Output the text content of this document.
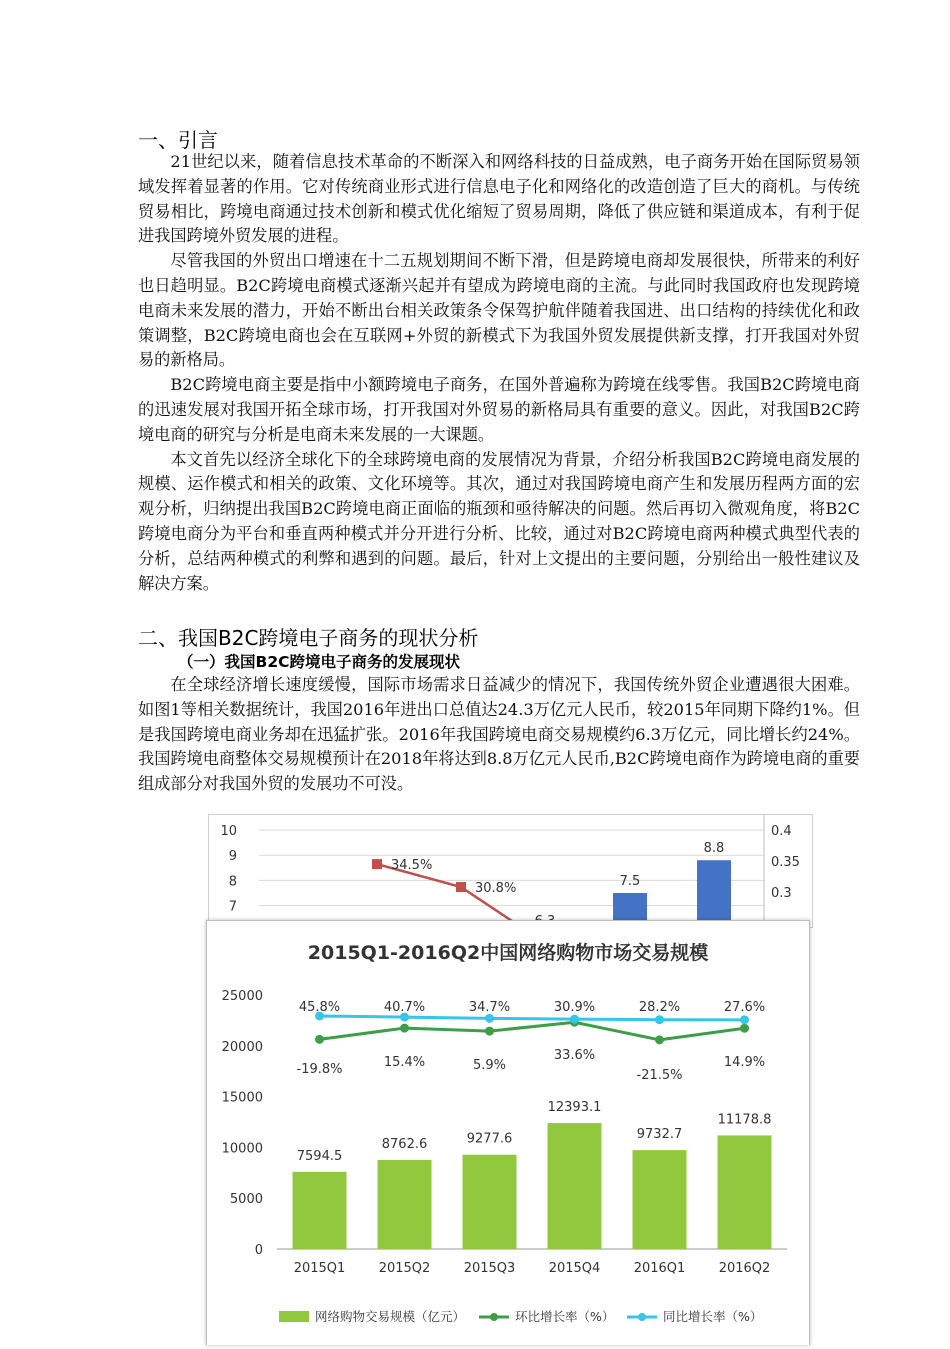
一、引言

21世纪以来，随着信息技术革命的不断深入和网络科技的日益成熟，电子商务开始在国际贸易领域发挥着显著的作用。它对传统商业形式进行信息电子化和网络化的改造创造了巨大的商机。与传统贸易相比，跨境电商通过技术创新和模式优化缩短了贸易周期，降低了供应链和渠道成本，有利于促进我国跨境外贸发展的进程。

尽管我国的外贸出口增速在十二五规划期间不断下滑，但是跨境电商却发展很快，所带来的利好也日趋明显。B2C跨境电商模式逐渐兴起并有望成为跨境电商的主流。与此同时我国政府也发现跨境电商未来发展的潜力，开始不断出台相关政策条令保驾护航伴随着我国进、出口结构的持续优化和政策调整，B2C跨境电商也会在互联网+外贸的新模式下为我国外贸发展提供新支撑，打开我国对外贸易的新格局。

B2C跨境电商主要是指中小额跨境电子商务，在国外普遍称为跨境在线零售。我国B2C跨境电商的迅速发展对我国开拓全球市场，打开我国对外贸易的新格局具有重要的意义。因此，对我国B2C跨境电商的研究与分析是电商未来发展的一大课题。

本文首先以经济全球化下的全球跨境电商的发展情况为背景，介绍分析我国B2C跨境电商发展的规模、运作模式和相关的政策、文化环境等。其次，通过对我国跨境电商产生和发展历程两方面的宏观分析，归纳提出我国B2C跨境电商正面临的瓶颈和亟待解决的问题。然后再切入微观角度，将B2C跨境电商分为平台和垂直两种模式并分开进行分析、比较，通过对B2C跨境电商两种模式典型代表的分析，总结两种模式的利弊和遇到的问题。最后，针对上文提出的主要问题，分别给出一般性建议及解决方案。

二、我国B2C跨境电子商务的现状分析
（一）我国B2C跨境电子商务的发展现状

在全球经济增长速度缓慢，国际市场需求日益减少的情况下，我国传统外贸企业遭遇很大困难。如图1等相关数据统计，我国2016年进出口总值达24.3万亿元人民币，较2015年同期下降约1%。但是我国跨境电商业务却在迅猛扩张。2016年我国跨境电商交易规模约6.3万亿元，同比增长约24%。我国跨境电商整体交易规模预计在2018年将达到8.8万亿元人民币,B2C跨境电商作为跨境电商的重要组成部分对我国外贸的发展功不可没。

10
9
8
7
0.4
0.35
0.3
7.5
8.8
34.5%
30.8%
2015Q1-2016Q2中国网络购物市场交易规模
25000
20000
15000
10000
5000
0
7594.5
8762.6	9277.6
12393.1
9732.7
11178.8
2015Q1	2015Q2	2015Q3	2015Q4	2016Q1	2016Q2
-19.8%	15.4%	5.9%
33.6%
-21.5%
14.9%
45.8%	40.7%	34.7%	30.9%	28.2%	27.6%
网络购物交易规模（亿元）	环比增长率（%）	同比增长率（%）
